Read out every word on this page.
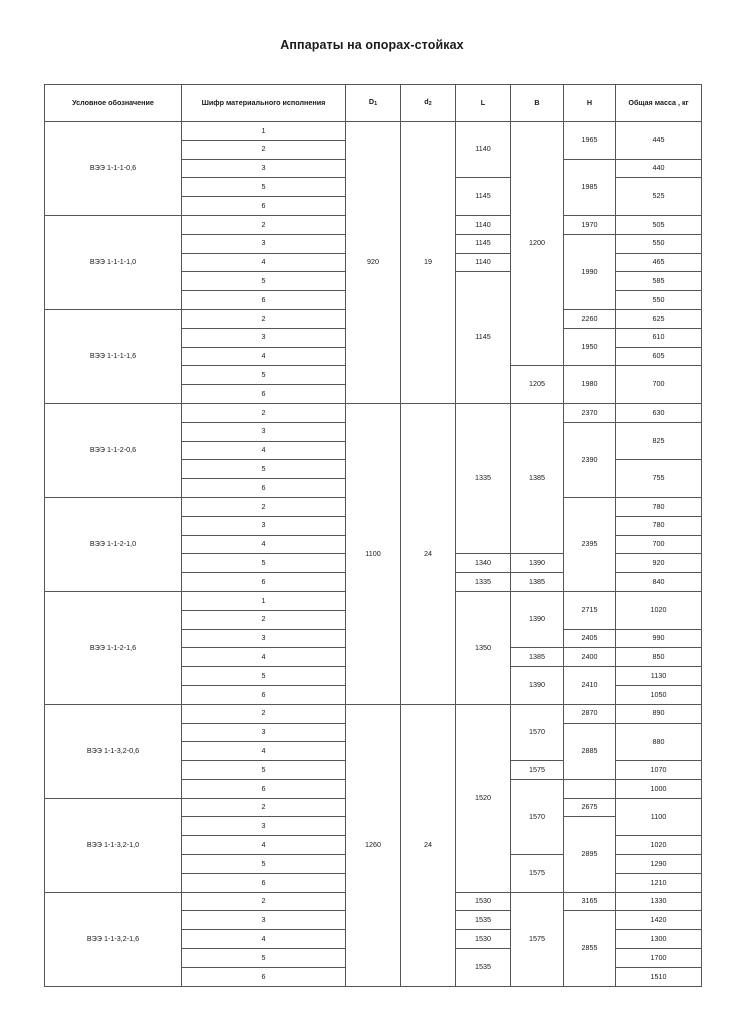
Аппараты на опорах-стойках
Условное обозначение	Шифр материального исполнения	D1	d2	L	B	H	Общая масса , кг
ВЭЭ 1-1-1-0,6	1	920	19	1140	1200	1965	445
	2						
	3					1985	440
	5			1145			525
	6						
ВЭЭ 1-1-1-1,0	2			1140		1970	505
	3			1145		1990	550
	4			1140			465
	5			1145			585
	6						550
ВЭЭ 1-1-1-1,6	2					2260	625
	3					1950	610
	4						605
	5				1205	1980	700
	6						
ВЭЭ 1-1-2-0,6	2	1100	24	1335	1385	2370	630
	3					2390	825
	4						
	5						755
	6						
ВЭЭ 1-1-2-1,0	2					2395	780
	3						780
	4						700
	5			1340	1390		920
	6			1335	1385		840
ВЭЭ 1-1-2-1,6	1			1350	1390	2715	1020
	2						
	3					2405	990
	4				1385	2400	850
	5				1390	2410	1130
	6						1050
ВЭЭ 1-1-3,2-0,6	2	1260	24	1520	1570	2870	890
	3					2885	880
	4						
	5				1575		1070
	6				1570		1000
ВЭЭ 1-1-3,2-1,0	2					2675	1100
	3					2895	
	4						1020
	5				1575		1290
	6						1210
ВЭЭ 1-1-3,2-1,6	2			1530	1575	3165	1330
	3			1535		2855	1420
	4			1530			1300
	5			1535			1700
	6						1510
